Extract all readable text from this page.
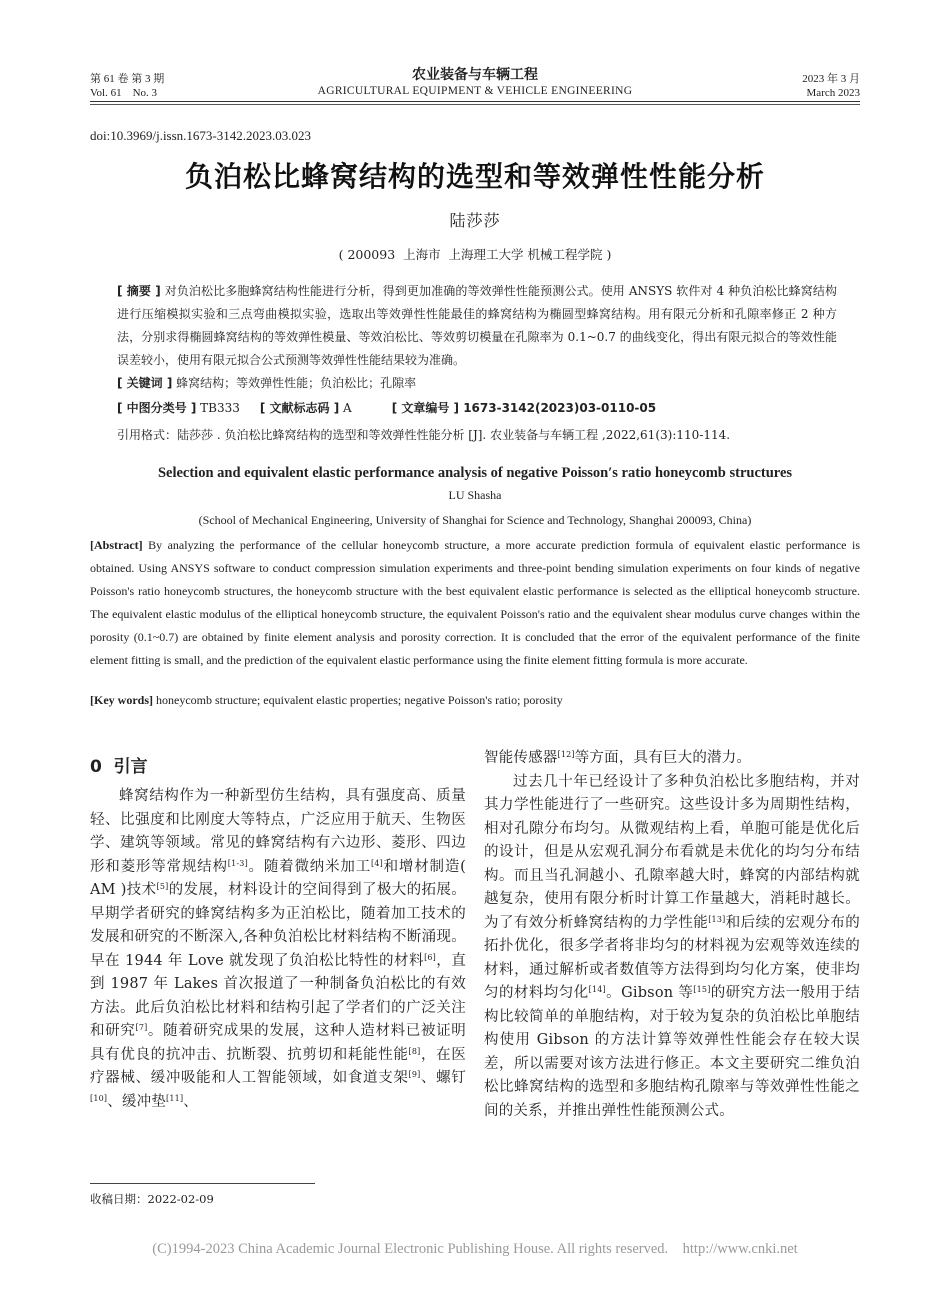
第 61 卷 第 3 期
Vol. 61    No. 3
农业装备与车辆工程
AGRICULTURAL EQUIPMENT & VEHICLE ENGINEERING
2023 年 3 月
March 2023
doi:10.3969/j.issn.1673-3142.2023.03.023
负泊松比蜂窝结构的选型和等效弹性性能分析
陆莎莎
( 200093  上海市  上海理工大学 机械工程学院 )
[ 摘要 ] 对负泊松比多胞蜂窝结构性能进行分析，得到更加准确的等效弹性性能预测公式。使用 ANSYS 软件对 4 种负泊松比蜂窝结构进行压缩模拟实验和三点弯曲模拟实验，选取出等效弹性性能最佳的蜂窝结构为椭圆型蜂窝结构。用有限元分析和孔隙率修正 2 种方法，分别求得椭圆蜂窝结构的等效弹性模量、等效泊松比、等效剪切模量在孔隙率为 0.1~0.7 的曲线变化，得出有限元拟合的等效性能误差较小，使用有限元拟合公式预测等效弹性性能结果较为准确。
[ 关键词 ] 蜂窝结构；等效弹性性能；负泊松比；孔隙率
[ 中图分类号 ] TB333 [ 文献标志码 ] A	[ 文章编号 ] 1673-3142(2023)03-0110-05
引用格式：陆莎莎 . 负泊松比蜂窝结构的选型和等效弹性性能分析 [J]. 农业装备与车辆工程 ,2022,61(3):110-114.
Selection and equivalent elastic performance analysis of negative Poisson′s ratio honeycomb structures
LU Shasha
(School of Mechanical Engineering, University of Shanghai for Science and Technology, Shanghai 200093, China)
[Abstract] By analyzing the performance of the cellular honeycomb structure, a more accurate prediction formula of equivalent elastic performance is obtained. Using ANSYS software to conduct compression simulation experiments and three-point bending simulation experiments on four kinds of negative Poisson's ratio honeycomb structures, the honeycomb structure with the best equivalent elastic performance is selected as the elliptical honeycomb structure. The equivalent elastic modulus of the elliptical honeycomb structure, the equivalent Poisson's ratio and the equivalent shear modulus curve changes within the porosity (0.1~0.7) are obtained by finite element analysis and porosity correction. It is concluded that the error of the equivalent performance of the finite element fitting is small, and the prediction of the equivalent elastic performance using the finite element fitting formula is more accurate.
[Key words] honeycomb structure; equivalent elastic properties; negative Poisson's ratio; porosity
0  引言

蜂窝结构作为一种新型仿生结构，具有强度高、质量轻、比强度和比刚度大等特点，广泛应用于航天、生物医学、建筑等领域。常见的蜂窝结构有六边形、菱形、四边形和菱形等常规结构[1-3]。随着微纳米加工[4]和增材制造( AM )技术[5]的发展，材料设计的空间得到了极大的拓展。早期学者研究的蜂窝结构多为正泊松比，随着加工技术的发展和研究的不断深入,各种负泊松比材料结构不断涌现。早在 1944 年 Love 就发现了负泊松比特性的材料[6]，直到 1987 年 Lakes 首次报道了一种制备负泊松比的有效方法。此后负泊松比材料和结构引起了学者们的广泛关注和研究[7]。随着研究成果的发展，这种人造材料已被证明具有优良的抗冲击、抗断裂、抗剪切和耗能性能[8]，在医疗器械、缓冲吸能和人工智能领域，如食道支架[9]、螺钉[10]、缓冲垫[11]、

智能传感器[12]等方面，具有巨大的潜力。

过去几十年已经设计了多种负泊松比多胞结构，并对其力学性能进行了一些研究。这些设计多为周期性结构，相对孔隙分布均匀。从微观结构上看，单胞可能是优化后的设计，但是从宏观孔洞分布看就是未优化的均匀分布结构。而且当孔洞越小、孔隙率越大时，蜂窝的内部结构就越复杂，使用有限分析时计算工作量越大，消耗时越长。为了有效分析蜂窝结构的力学性能[13]和后续的宏观分布的拓扑优化，很多学者将非均匀的材料视为宏观等效连续的材料，通过解析或者数值等方法得到均匀化方案，使非均匀的材料均匀化[14]。Gibson 等[15]的研究方法一般用于结构比较简单的单胞结构，对于较为复杂的负泊松比单胞结构使用 Gibson 的方法计算等效弹性性能会存在较大误差，所以需要对该方法进行修正。本文主要研究二维负泊松比蜂窝结构的选型和多胞结构孔隙率与等效弹性性能之间的关系，并推出弹性性能预测公式。

收稿日期：2022-02-09
(C)1994-2023 China Academic Journal Electronic Publishing House. All rights reserved.    http://www.cnki.net
